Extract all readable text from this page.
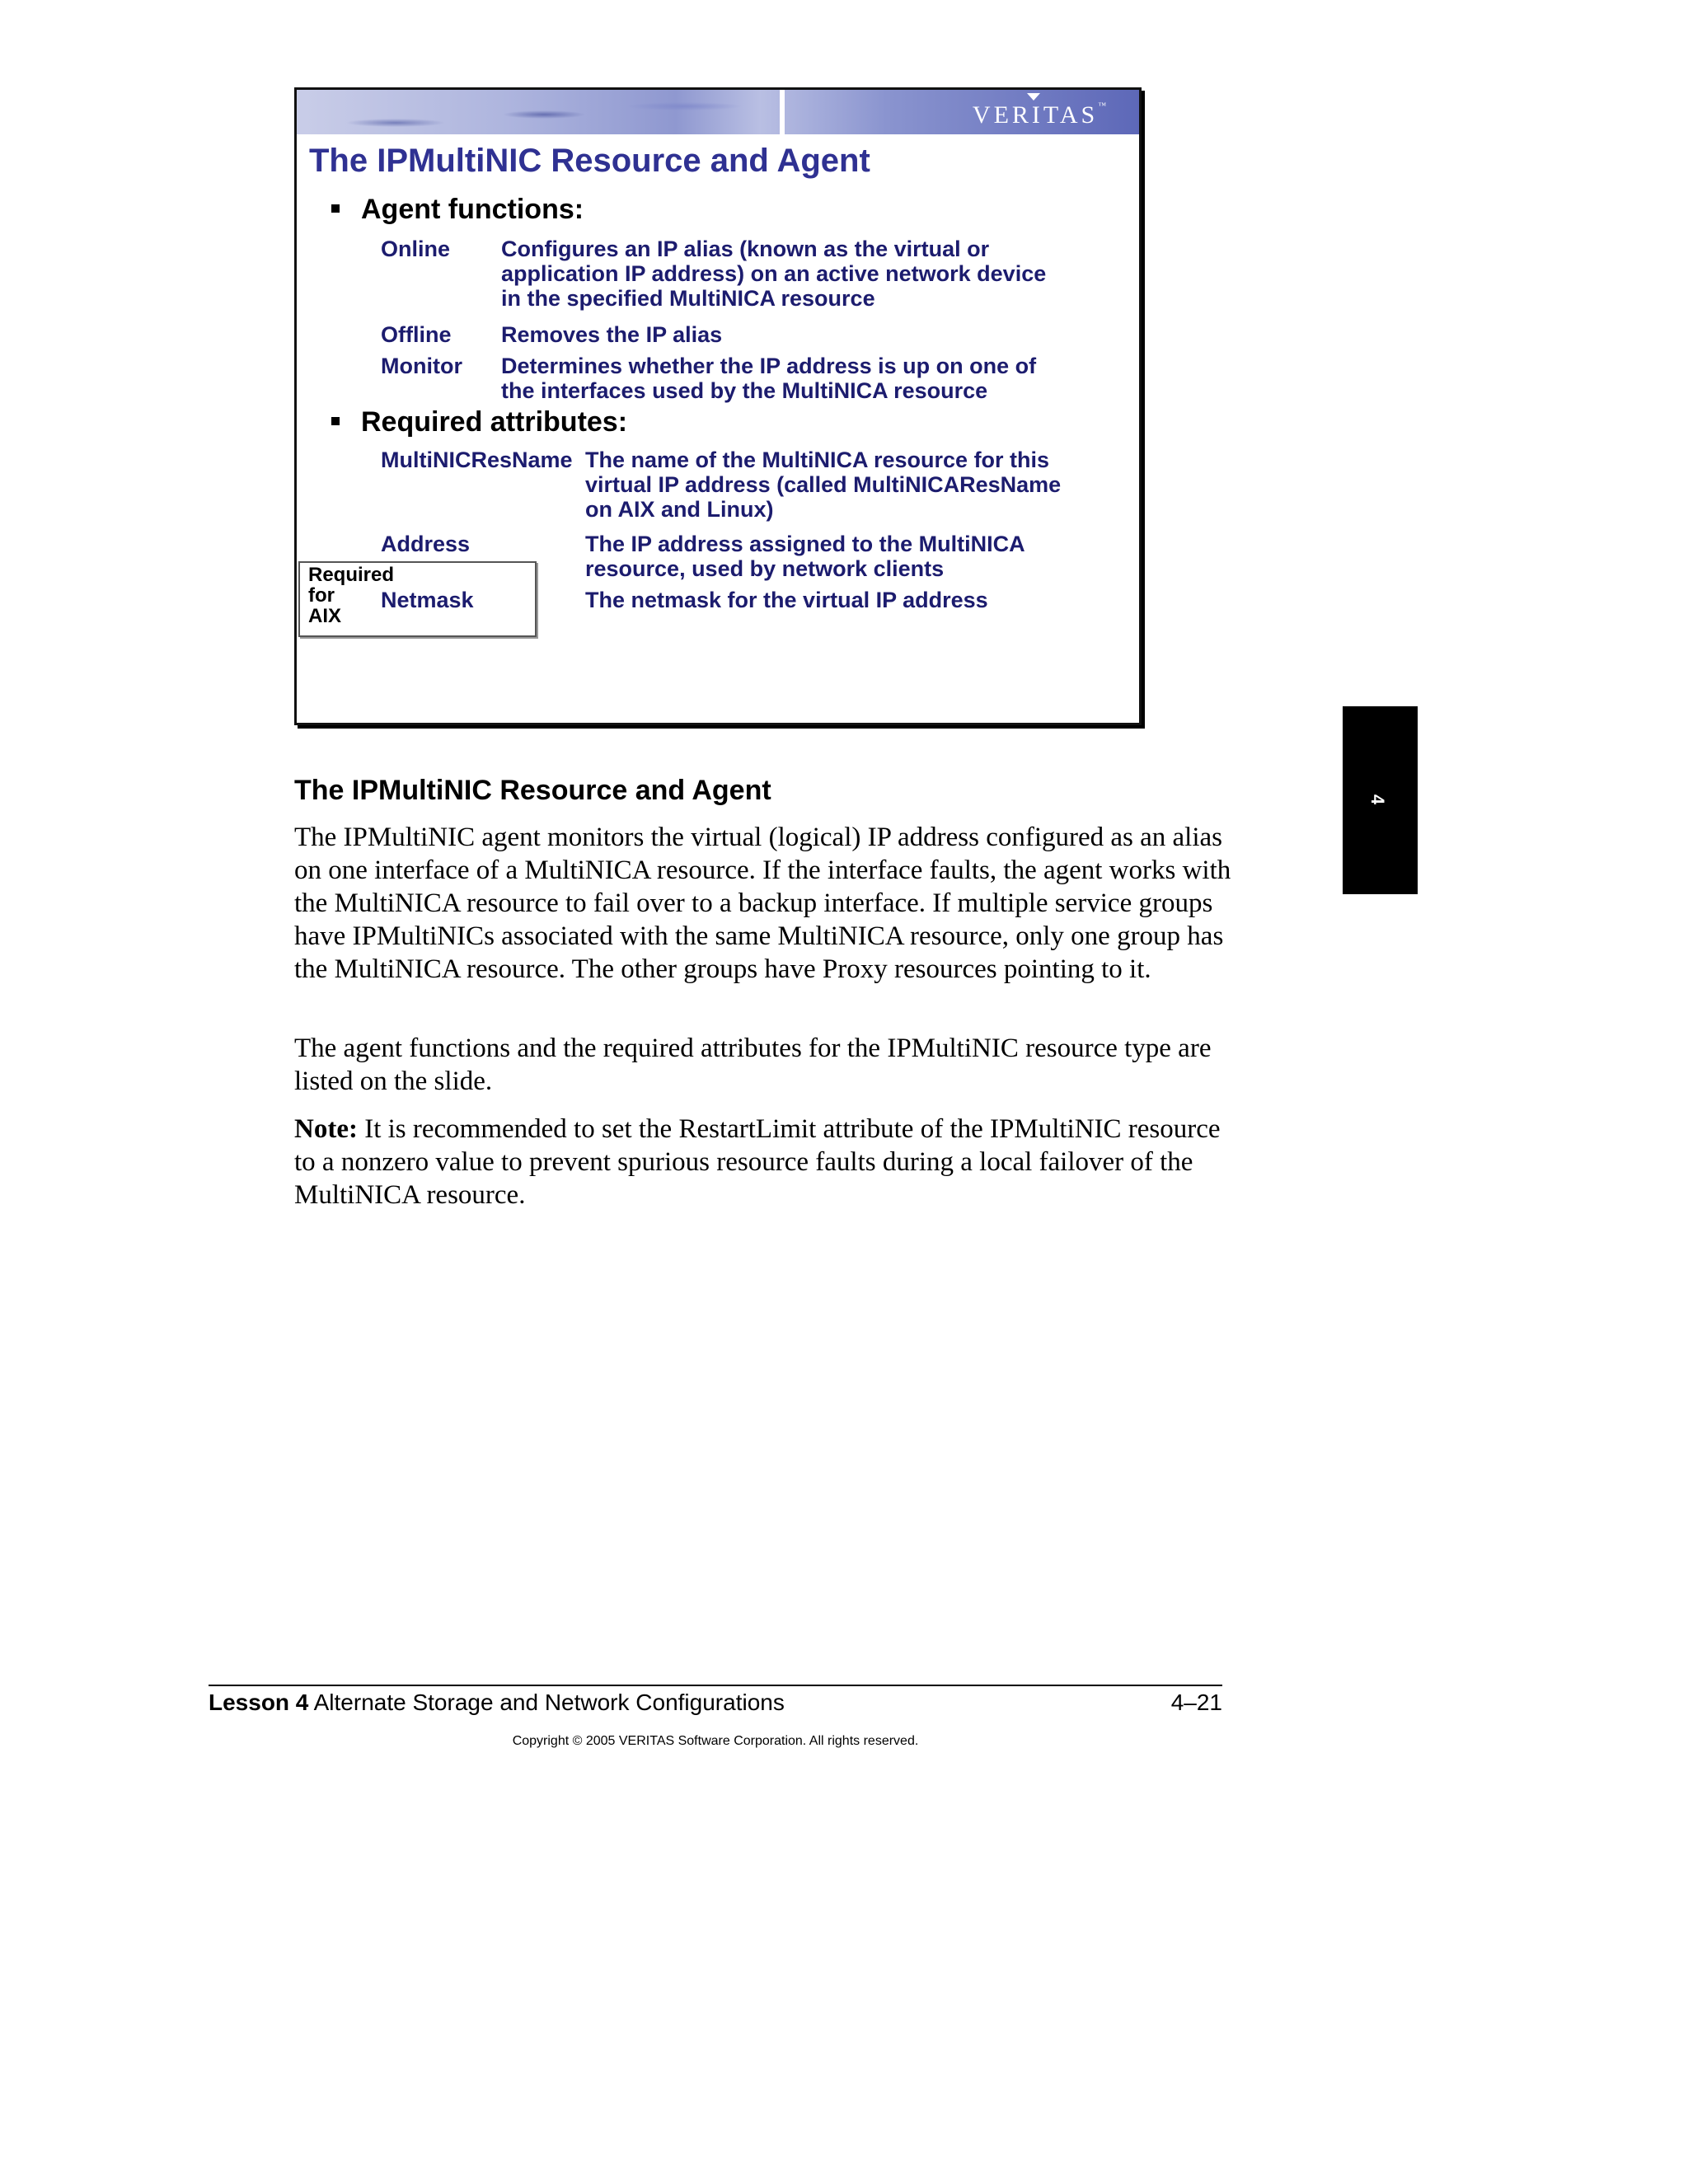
VERITAS™
The IPMultiNIC Resource and Agent
Agent functions:
Online Configures an IP alias (known as the virtual or
application IP address) on an active network device
in the specified MultiNICA resource
Offline Removes the IP alias
Monitor Determines whether the IP address is up on one of
the interfaces used by the MultiNICA resource
Required attributes:
Required
for
AIX
MultiNICResName The name of the MultiNICA resource for this
virtual IP address (called MultiNICAResName
on AIX and Linux)
Address	The IP address assigned to the MultiNICA
resource, used by network clients
Netmask	The netmask for the virtual IP address
4
The IPMultiNIC Resource and Agent
The IPMultiNIC agent monitors the virtual (logical) IP address configured as an alias on one interface of a MultiNICA resource. If the interface faults, the agent works with the MultiNICA resource to fail over to a backup interface. If multiple service groups have IPMultiNICs associated with the same MultiNICA resource, only one group has the MultiNICA resource. The other groups have Proxy resources pointing to it.
The agent functions and the required attributes for the IPMultiNIC resource type are listed on the slide.
Note: It is recommended to set the RestartLimit attribute of the IPMultiNIC resource to a nonzero value to prevent spurious resource faults during a local failover of the MultiNICA resource.
Lesson 4 Alternate Storage and Network Configurations	4–21
Copyright © 2005 VERITAS Software Corporation. All rights reserved.
